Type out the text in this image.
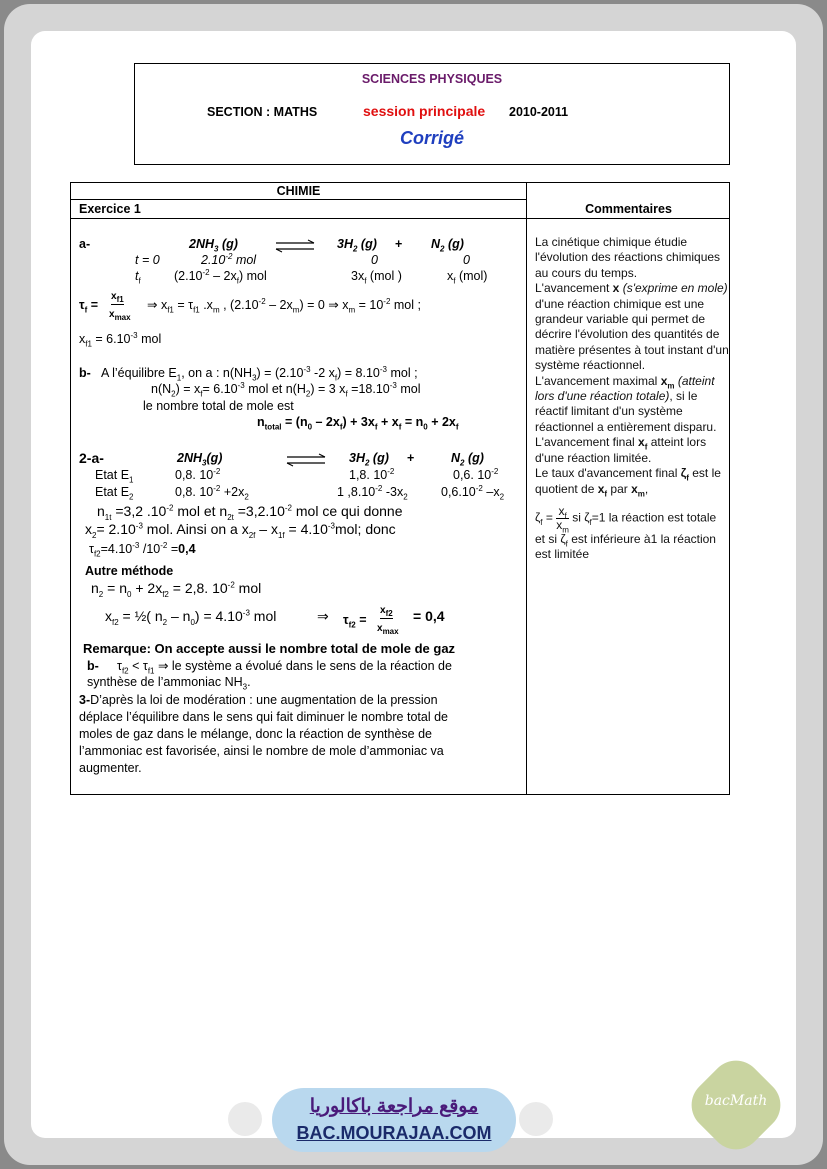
SCIENCES PHYSIQUES
SECTION : MATHS	session principale 2010-2011
Corrigé
CHIMIE
Exercice 1	Commentaires
a-	$2NH_3$ (g) ⇌ $3H_2$ $(g) + N_2$ (g)
t = 0	$2.10^{-2}$ mol	0	0
$t_f$	$(2.10^{-2} - 2x_f)$ mol	$3x_f$ (mol )	$x_f$ (mol)
$\tau_f$ =
$x_{f1}$
$x_{max}$
⇒ $x_{f1} = \tau_{f1}$ $.x_m$ , $(2.10^{-2} - 2x_m) = 0$ ⇒ $x_m = 10^{-2}$ mol ;
$x_{f1} = 6.10^{-3}$ mol
b- A l’équilibre $E_1$, on a : $n(NH_3) = (2.10^{-3}$ -2 $x_f) = 8.10^{-3}$ mol ;
$n(N_2) = x_f= 6.10^{-3}$ mol et $n(H_2) = 3$ $x_f =18.10^{-3}$ mol
le nombre total de mole est
$n_{total} = (n_0 - 2x_f) + 3x_f + x_f = n_0 + 2x_f$
2-a-	$2NH_3(g)$	⇌ $3H_2$ (g) +	$N_2$ (g)
Etat $E_1$	0,8. $10^{-2}$	1,8. $10^{-2}$	0,6. $10^{-2}$
Etat $E_2$	0,8. $10^{-2} +2x_2$	1 $,8.10^{-2}$ $-3x_2$	$0,6.10^{-2}$ $-x_2$
$n_{1t} =3,2$ $.10^{-2}$ mol et $n_{2t} =3,2.10^{-2}$ mol ce qui donne
$x_2= 2.10^{-3}$ mol. Ainsi on a $x_{2f} - x_{1f} = 4.10^{-3}mol$; donc
$\tau_{f2}=4.10^{-3}$ $/10^{-2} =0,4$
Autre méthode
$n_2 = n_0 + 2x_{f2} = 2,8$. $10^{-2}$ mol
$x_{f2}$ = ½( $n_2 - n_0) = 4.10^{-3}$ mol	⇒ $\tau_{f2}$ =
$x_{f2}$
$x_{max}$
= 0,4
Remarque: On accepte aussi le nombre total de mole de gaz
b- $\tau_{f2} < \tau_{f1}$ ⇒ le système a évolué dans le sens de la réaction de
synthèse de l’ammoniac $NH_3$.
3-D’après la loi de modération : une augmentation de la pression
déplace l’équilibre dans le sens qui fait diminuer le nombre total de
moles de gaz dans le mélange, donc la réaction de synthèse de
l’ammoniac est favorisée, ainsi le nombre de mole d’ammoniac va
augmenter.

La cinétique chimique étudie l'évolution des réactions chimiques au cours du temps.

L'avancement x (s'exprime en mole) d'une réaction chimique est une grandeur variable qui permet de décrire l'évolution des quantités de matière présentes à tout instant d'un système réactionnel.

L'avancement maximal $x_m$ (atteint lors d'une réaction totale), si le réactif limitant d'un système réactionnel a entièrement disparu.

L'avancement final $x_f$ atteint lors d'une réaction limitée.

Le taux d'avancement final $\zeta_f$ est le quotient de $x_f$ par $x_m$,

$\zeta_f = \frac{x_f}{x_m}$ si $\zeta_f=1$ la réaction est totale et si $\zeta_f$ est inférieure à1 la réaction est limitée

موقع مراجعة باكالوريا
BAC.MOURAJAA.COM
bacMath
